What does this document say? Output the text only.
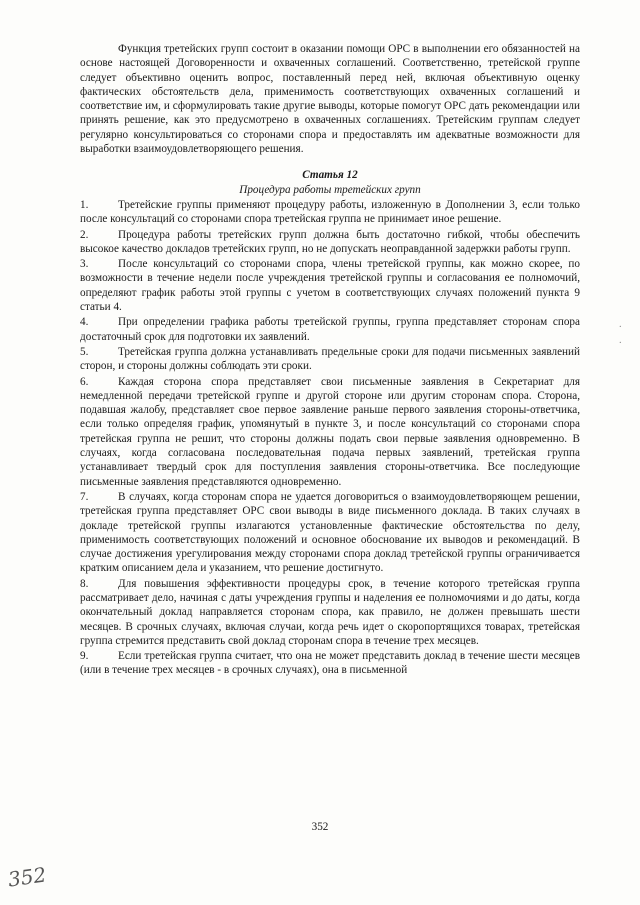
Функция третейских групп состоит в оказании помощи ОРС в выполнении его обязанностей на основе настоящей Договоренности и охваченных соглашений. Соответственно, третейской группе следует объективно оценить вопрос, поставленный перед ней, включая объективную оценку фактических обстоятельств дела, применимость соответствующих охваченных соглашений и соответствие им, и сформулировать такие другие выводы, которые помогут ОРС дать рекомендации или принять решение, как это предусмотрено в охваченных соглашениях. Третейским группам следует регулярно консультироваться со сторонами спора и предоставлять им адекватные возможности для выработки взаимоудовлетворяющего решения.

Статья 12

Процедура работы третейских групп

1.	Третейские группы применяют процедуру работы, изложенную в Дополнении 3, если только после консультаций со сторонами спора третейская группа не принимает иное решение.

2.	Процедура работы третейских групп должна быть достаточно гибкой, чтобы обеспечить высокое качество докладов третейских групп, но не допускать неоправданной задержки работы групп.

3.	После консультаций со сторонами спора, члены третейской группы, как можно скорее, по возможности в течение недели после учреждения третейской группы и согласования ее полномочий, определяют график работы этой группы с учетом в соответствующих случаях положений пункта 9 статьи 4.

4.	При определении графика работы третейской группы, группа представляет сторонам спора достаточный срок для подготовки их заявлений.

5.	Третейская группа должна устанавливать предельные сроки для подачи письменных заявлений сторон, и стороны должны соблюдать эти сроки.

6.	Каждая сторона спора представляет свои письменные заявления в Секретариат для немедленной передачи третейской группе и другой стороне или другим сторонам спора. Сторона, подавшая жалобу, представляет свое первое заявление раньше первого заявления стороны-ответчика, если только определяя график, упомянутый в пункте 3, и после консультаций со сторонами спора третейская группа не решит, что стороны должны подать свои первые заявления одновременно. В случаях, когда согласована последовательная подача первых заявлений, третейская группа устанавливает твердый срок для поступления заявления стороны-ответчика. Все последующие письменные заявления представляются одновременно.

7.	В случаях, когда сторонам спора не удается договориться о взаимоудовлетворяющем решении, третейская группа представляет ОРС свои выводы в виде письменного доклада. В таких случаях в докладе третейской группы излагаются установленные фактические обстоятельства по делу, применимость соответствующих положений и основное обоснование их выводов и рекомендаций. В случае достижения урегулирования между сторонами спора доклад третейской группы ограничивается кратким описанием дела и указанием, что решение достигнуто.

8.	Для повышения эффективности процедуры срок, в течение которого третейская группа рассматривает дело, начиная с даты учреждения группы и наделения ее полномочиями и до даты, когда окончательный доклад направляется сторонам спора, как правило, не должен превышать шести месяцев. В срочных случаях, включая случаи, когда речь идет о скоропортящихся товарах, третейская группа стремится представить свой доклад сторонам спора в течение трех месяцев.

9.	Если третейская группа считает, что она не может представить доклад в течение шести месяцев (или в течение трех месяцев - в срочных случаях), она в письменной

352
352
·
·
